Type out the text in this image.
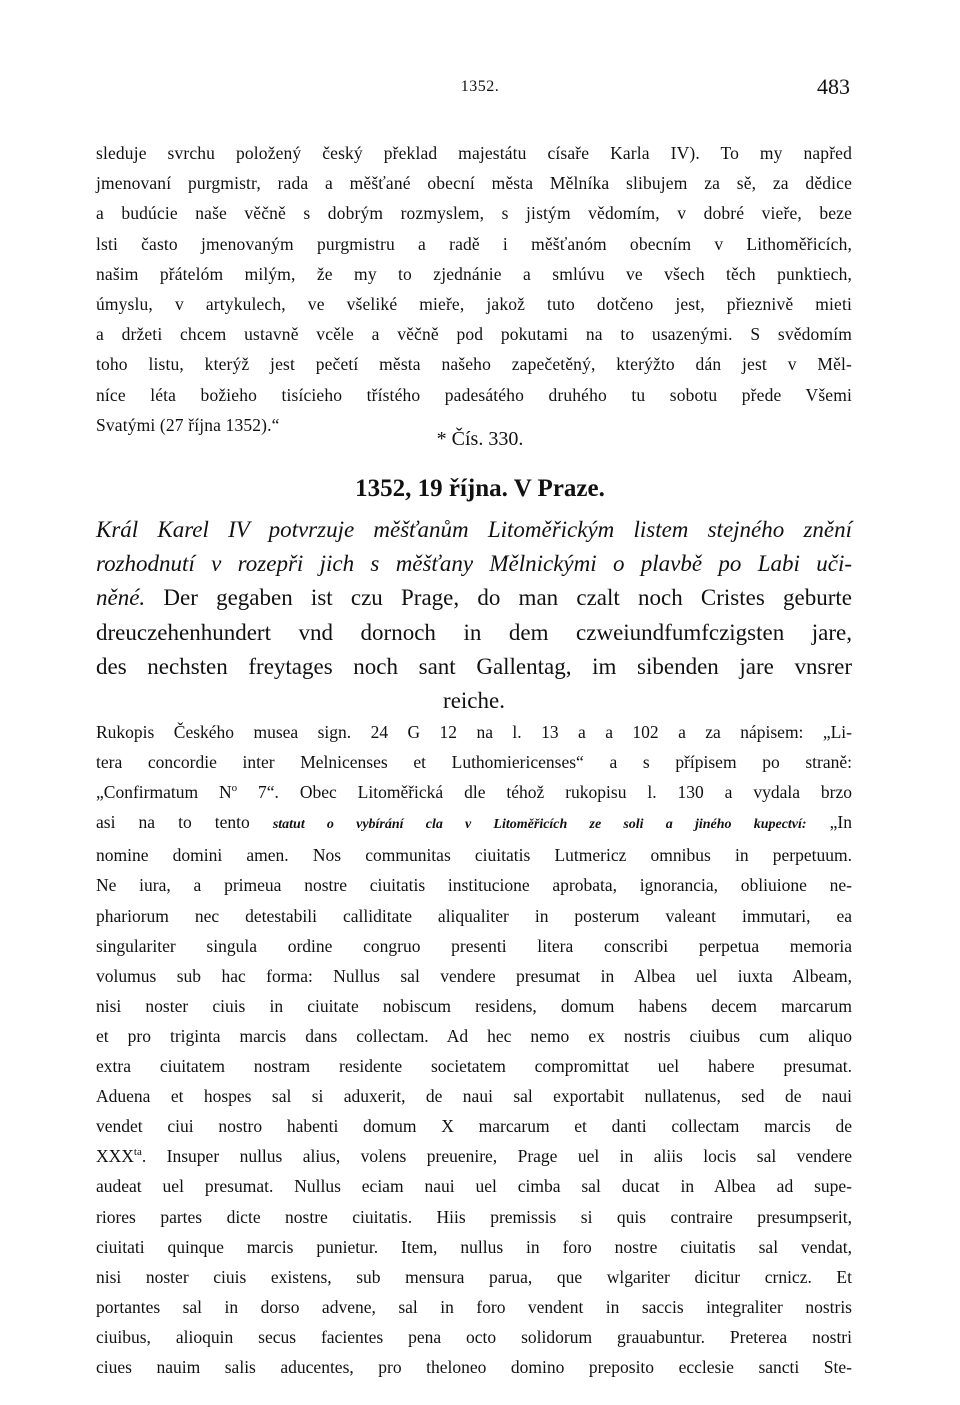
1352.	483
sleduje svrchu položený český překlad majestátu císaře Karla IV). To my napřed
jmenovaní purgmistr, rada a měšťané obecní města Mělníka slibujem za sě, za dědice
a budúcie naše věčně s dobrým rozmyslem, s jistým vědomím, v dobré vieře, beze
lsti často jmenovaným purgmistru a radě i měšťanóm obecním v Lithoměřicích,
našim přátelóm milým, že my to zjednánie a smlúvu ve všech těch punktiech,
úmyslu, v artykulech, ve všeliké mieře, jakož tuto dotčeno jest, přieznivě mieti
a držeti chcem ustavně vcěle a věčně pod pokutami na to usazenými. S svědomím
toho listu, kterýž jest pečetí města našeho zapečetěný, kterýžto dán jest v Měl-
níce léta božieho tisícieho třístého padesátého druhého tu sobotu přede Všemi
Svatými (27 října 1352).“
* Čís. 330.
1352, 19 října. V Praze.
Král Karel IV potvrzuje měšťanům Litoměřickým listem stejného znění
rozhodnutí v rozepři jich s měšťany Mělnickými o plavbě po Labi uči-
něné. Der gegaben ist czu Prage, do man czalt noch Cristes geburte
dreuczehenhundert vnd dornoch in dem czweiundfumfczigsten jare,
des nechsten freytages noch sant Gallentag, im sibenden jare vnsrer
reiche.
Rukopis Českého musea sign. 24 G 12 na l. 13 a a 102 a za nápisem: „Li-
tera concordie inter Melnicenses et Luthomiericenses“ a s přípisem po straně:
„Confirmatum $N^o$ 7“. Obec Litoměřická dle téhož rukopisu l. 130 a vydala brzo
asi na to tento statut o vybírání cla v Litoměřicích ze soli a jiného kupectví: „In
nomine domini amen. Nos communitas ciuitatis Lutmericz omnibus in perpetuum.
Ne iura, a primeua nostre ciuitatis institucione aprobata, ignorancia, obliuione ne-
phariorum nec detestabili calliditate aliqualiter in posterum valeant immutari, ea
singulariter singula ordine congruo presenti litera conscribi perpetua memoria
volumus sub hac forma: Nullus sal vendere presumat in Albea uel iuxta Albeam,
nisi noster ciuis in ciuitate nobiscum residens, domum habens decem marcarum
et pro triginta marcis dans collectam. Ad hec nemo ex nostris ciuibus cum aliquo
extra ciuitatem nostram residente societatem compromittat uel habere presumat.
Aduena et hospes sal si aduxerit, de naui sal exportabit nullatenus, sed de naui
vendet ciui nostro habenti domum X marcarum et danti collectam marcis de
$XXX^{ta}$. Insuper nullus alius, volens preuenire, Prage uel in aliis locis sal vendere
audeat uel presumat. Nullus eciam naui uel cimba sal ducat in Albea ad supe-
riores partes dicte nostre ciuitatis. Hiis premissis si quis contraire presumpserit,
ciuitati quinque marcis punietur. Item, nullus in foro nostre ciuitatis sal vendat,
nisi noster ciuis existens, sub mensura parua, que wlgariter dicitur crnicz. Et
portantes sal in dorso advene, sal in foro vendent in saccis integraliter nostris
ciuibus, alioquin secus facientes pena octo solidorum grauabuntur. Preterea nostri
ciues nauim salis aducentes, pro theloneo domino preposito ecclesie sancti Ste-
